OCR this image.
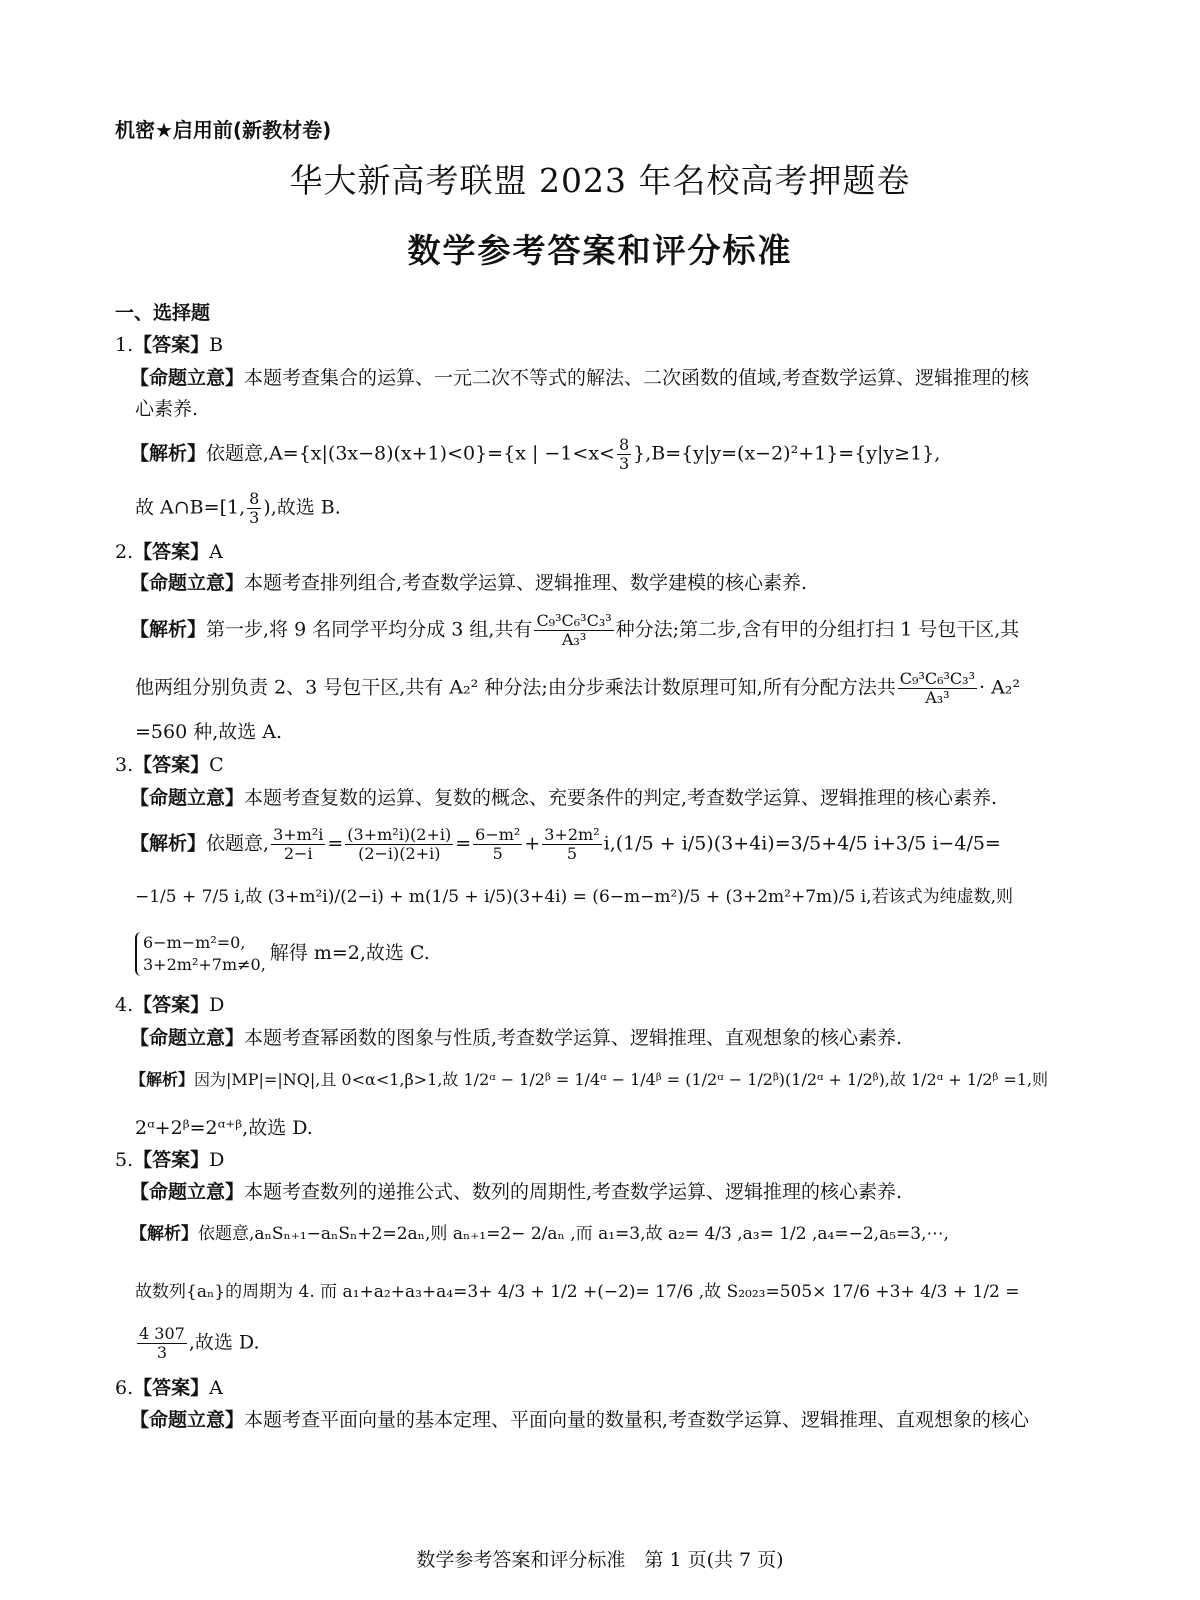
机密★启用前(新教材卷)
华大新高考联盟 2023 年名校高考押题卷
数学参考答案和评分标准
一、选择题
1.【答案】B
【命题立意】本题考查集合的运算、一元二次不等式的解法、二次函数的值域,考查数学运算、逻辑推理的核
心素养.
【解析】依题意,A={x|(3x−8)(x+1)<0}={x | $-1<x< \frac{8}{3} \},B=\{y|y=(x-2)^2+1\}=\{y|y\ge 1\}$,
故 A∩B=[1, $\frac{8}{3}$ ),故选 B.
2.【答案】A
【命题立意】本题考查排列组合,考查数学运算、逻辑推理、数学建模的核心素养.
【解析】第一步,将 9 名同学平均分成 3 组,共有 $\frac{\text{C₉³C₆³C₃³}}{\text{A₃³}}$ 种分法;第二步,含有甲的分组打扫 1 号包干区,其
他两组分别负责 2、3 号包干区,共有 A₂² 种分法;由分步乘法计数原理可知,所有分配方法共 $\frac{\text{C₉³C₆³C₃³}}{\text{A₃³}} \cdot A_2^2$
=560 种,故选 A.
3.【答案】C
【命题立意】本题考查复数的运算、复数的概念、充要条件的判定,考查数学运算、逻辑推理的核心素养.
【解析】依题意, $\frac{\text{3+m²i}}{2-i} = \frac{\text{(3+m²i)(2+i)}}{(2-i)(2+i)} = \frac{\text{6−m²}}{5} + \frac{\text{3+2m²}}{5} i,(1/5 + i/5)(3+4i)=3/5+4/5$ i+3/5 i−4/5=
−1/5 + 7/5 i,故 (3+m²i)/(2−i) + m(1/5 + i/5)(3+4i) = (6−m−m²)/5 + (3+2m²+7m)/5 i,若该式为纯虚数,则
6−m−m²=0,
3+2m²+7m≠0,
解得 m=2,故选 C.
4.【答案】D
【命题立意】本题考查幂函数的图象与性质,考查数学运算、逻辑推理、直观想象的核心素养.
【解析】因为|MP|=|NQ|,且 0<α<1,β>1,故 1/2ᵅ − 1/2ᵝ = 1/4ᵅ − 1/4ᵝ = (1/2ᵅ − 1/2ᵝ)(1/2ᵅ + 1/2ᵝ),故 1/2ᵅ + 1/2ᵝ =1,则
2ᵅ+2ᵝ=2ᵅ⁺ᵝ,故选 D.
5.【答案】D
【命题立意】本题考查数列的递推公式、数列的周期性,考查数学运算、逻辑推理的核心素养.
【解析】依题意,aₙSₙ₊₁−aₙSₙ+2=2aₙ,则 aₙ₊₁=2− 2/aₙ ,而 a₁=3,故 a₂= 4/3 ,a₃= 1/2 ,a₄=−2,a₅=3,⋯,
故数列{aₙ}的周期为 4. 而 a₁+a₂+a₃+a₄=3+ 4/3 + 1/2 +(−2)= 17/6 ,故 S₂₀₂₃=505× 17/6 +3+ 4/3 + 1/2 =
$\frac{4 307}{3}$ ,故选 D.
6.【答案】A
【命题立意】本题考查平面向量的基本定理、平面向量的数量积,考查数学运算、逻辑推理、直观想象的核心
数学参考答案和评分标准　第 1 页(共 7 页)
